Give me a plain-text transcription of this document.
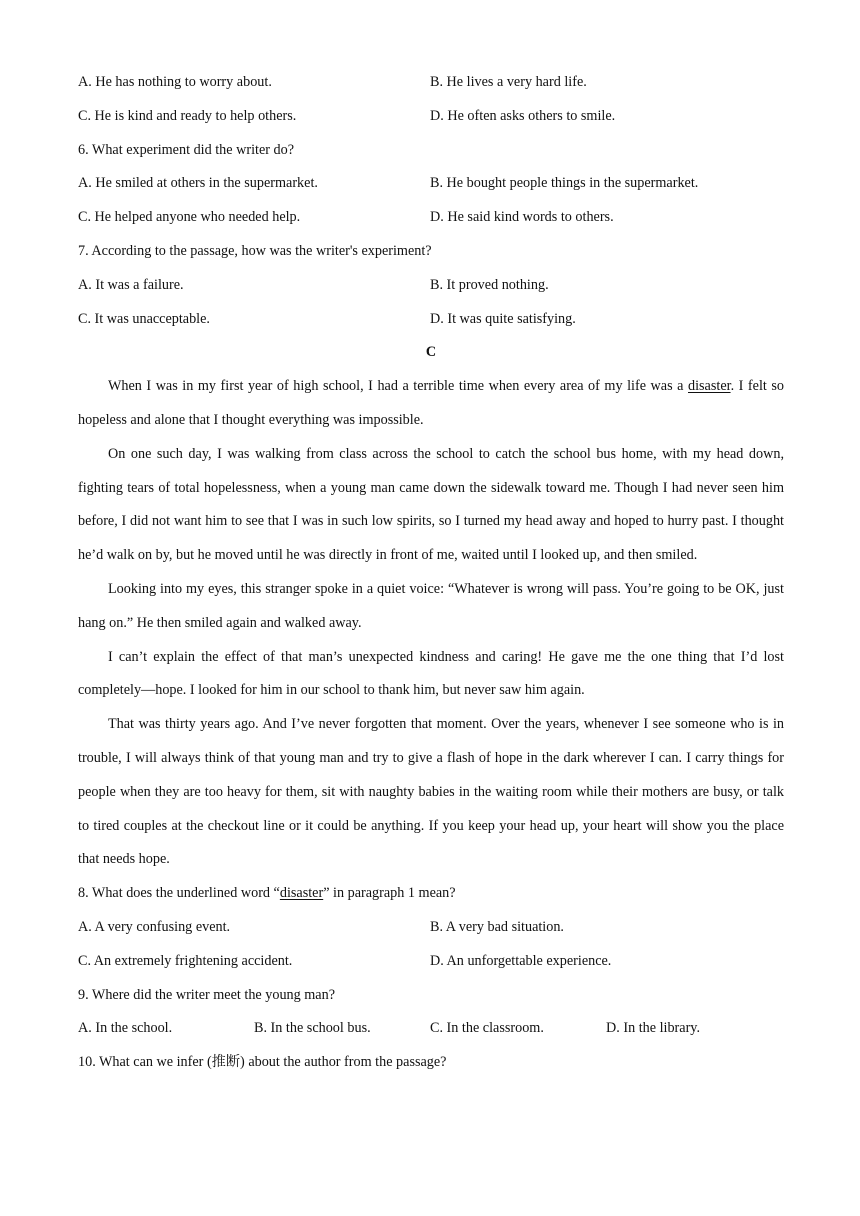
A. He has nothing to worry about.	B. He lives a very hard life.
C. He is kind and ready to help others.	D. He often asks others to smile.
6. What experiment did the writer do?
A. He smiled at others in the supermarket.	B. He bought people things in the supermarket.
C. He helped anyone who needed help.	D. He said kind words to others.
7. According to the passage, how was the writer's experiment?
A. It was a failure.	B. It proved nothing.
C. It was unacceptable.	D. It was quite satisfying.
C

When I was in my first year of high school, I had a terrible time when every area of my life was a disaster. I felt so hopeless and alone that I thought everything was impossible.

On one such day, I was walking from class across the school to catch the school bus home, with my head down, fighting tears of total hopelessness, when a young man came down the sidewalk toward me. Though I had never seen him before, I did not want him to see that I was in such low spirits, so I turned my head away and hoped to hurry past. I thought he’d walk on by, but he moved until he was directly in front of me, waited until I looked up, and then smiled.

Looking into my eyes, this stranger spoke in a quiet voice: “Whatever is wrong will pass. You’re going to be OK, just hang on.” He then smiled again and walked away.

I can’t explain the effect of that man’s unexpected kindness and caring! He gave me the one thing that I’d lost completely—hope. I looked for him in our school to thank him, but never saw him again.

That was thirty years ago. And I’ve never forgotten that moment. Over the years, whenever I see someone who is in trouble, I will always think of that young man and try to give a flash of hope in the dark wherever I can. I carry things for people when they are too heavy for them, sit with naughty babies in the waiting room while their mothers are busy, or talk to tired couples at the checkout line or it could be anything. If you keep your head up, your heart will show you the place that needs hope.

8. What does the underlined word “disaster” in paragraph 1 mean?
A. A very confusing event.	B. A very bad situation.
C. An extremely frightening accident.	D. An unforgettable experience.
9. Where did the writer meet the young man?
A. In the school.	B. In the school bus.	C. In the classroom.	D. In the library.
10. What can we infer (推断) about the author from the passage?
